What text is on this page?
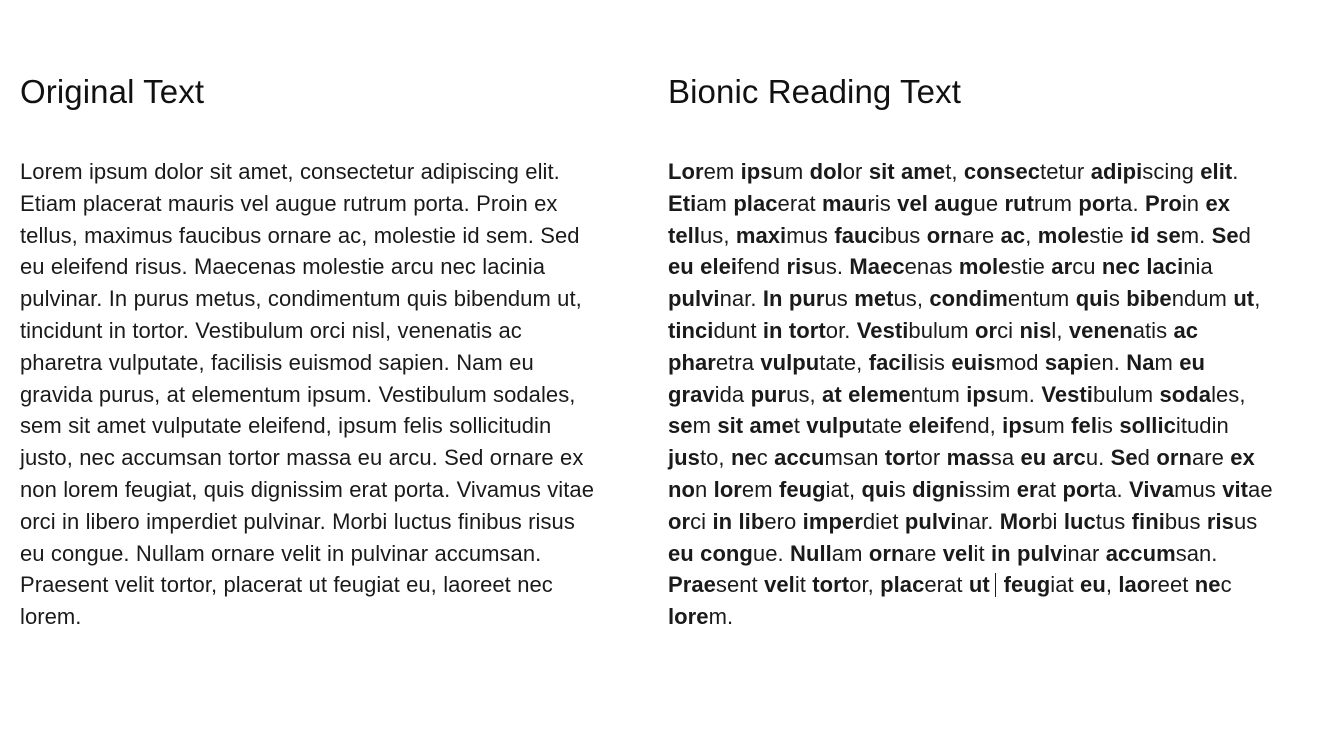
Original Text
Lorem ipsum dolor sit amet, consectetur adipiscing elit. Etiam placerat mauris vel augue rutrum porta. Proin ex tellus, maximus faucibus ornare ac, molestie id sem. Sed eu eleifend risus. Maecenas molestie arcu nec lacinia pulvinar. In purus metus, condimentum quis bibendum ut, tincidunt in tortor. Vestibulum orci nisl, venenatis ac pharetra vulputate, facilisis euismod sapien. Nam eu gravida purus, at elementum ipsum. Vestibulum sodales, sem sit amet vulputate eleifend, ipsum felis sollicitudin justo, nec accumsan tortor massa eu arcu. Sed ornare ex non lorem feugiat, quis dignissim erat porta. Vivamus vitae orci in libero imperdiet pulvinar. Morbi luctus finibus risus eu congue. Nullam ornare velit in pulvinar accumsan. Praesent velit tortor, placerat ut feugiat eu, laoreet nec lorem.
Bionic Reading Text
Lorem ipsum dolor sit amet, consectetur adipiscing elit. Etiam placerat mauris vel augue rutrum porta. Proin ex tellus, maximus faucibus ornare ac, molestie id sem. Sed eu eleifend risus. Maecenas molestie arcu nec lacinia pulvinar. In purus metus, condimentum quis bibendum ut, tincidunt in tortor. Vestibulum orci nisl, venenatis ac pharetra vulputate, facilisis euismod sapien. Nam eu gravida purus, at elementum ipsum. Vestibulum sodales, sem sit amet vulputate eleifend, ipsum felis sollicitudin justo, nec accumsan tortor massa eu arcu. Sed ornare ex non lorem feugiat, quis dignissim erat porta. Vivamus vitae orci in libero imperdiet pulvinar. Morbi luctus finibus risus eu congue. Nullam ornare velit in pulvinar accumsan. Praesent velit tortor, placerat ut feugiat eu, laoreet nec lorem.
